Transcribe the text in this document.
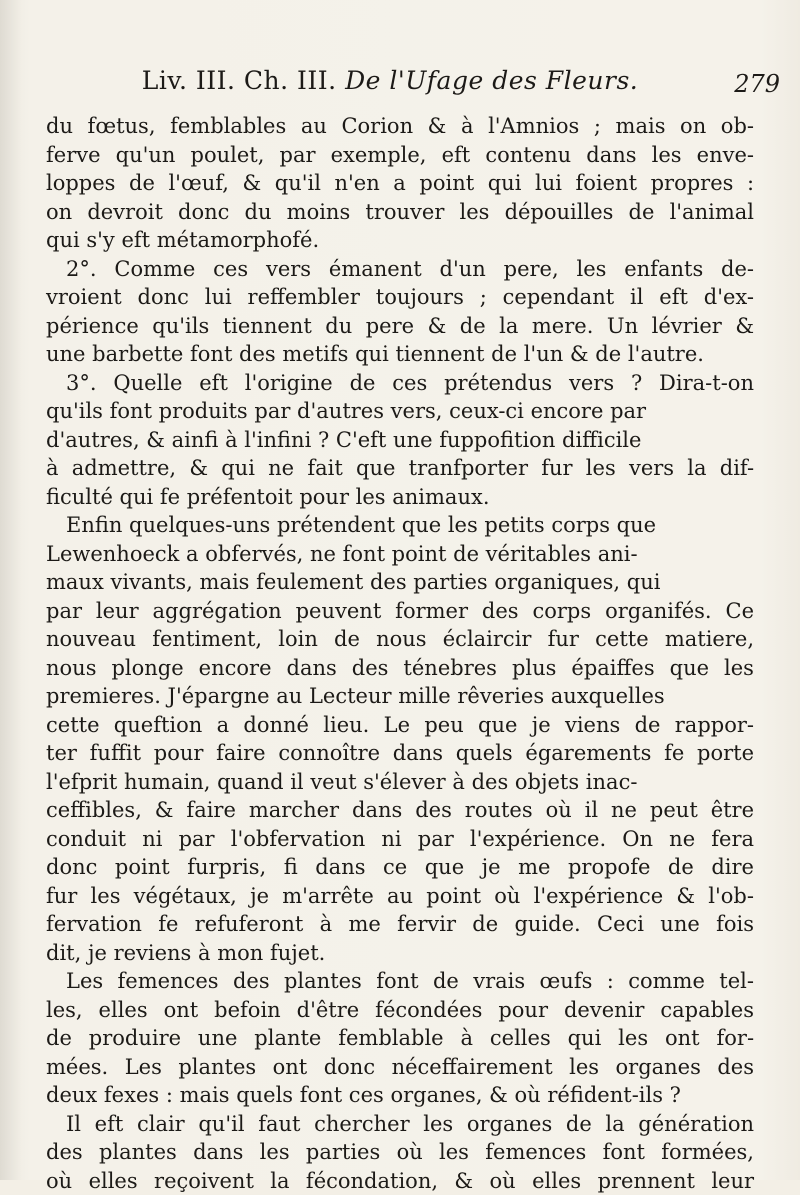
Liv. III. Ch. III. De l'Ufage des Fleurs.	279
du fœtus, femblables au Corion & à l'Amnios ; mais on ob-
ferve qu'un poulet, par exemple, eft contenu dans les enve-
loppes de l'œuf, & qu'il n'en a point qui lui foient propres :
on devroit donc du moins trouver les dépouilles de l'animal
qui s'y eft métamorphofé.
2°. Comme ces vers émanent d'un pere, les enfants de-
vroient donc lui reffembler toujours ; cependant il eft d'ex-
périence qu'ils tiennent du pere & de la mere. Un lévrier &
une barbette font des metifs qui tiennent de l'un & de l'autre.
3°. Quelle eft l'origine de ces prétendus vers ? Dira-t-on
qu'ils font produits par d'autres vers, ceux-ci encore par
d'autres, & ainfi à l'infini ? C'eft une fuppofition difficile
à admettre, & qui ne fait que tranfporter fur les vers la dif-
ficulté qui fe préfentoit pour les animaux.
Enfin quelques-uns prétendent que les petits corps que
Lewenhoeck a obfervés, ne font point de véritables ani-
maux vivants, mais feulement des parties organiques, qui
par leur aggrégation peuvent former des corps organifés. Ce
nouveau fentiment, loin de nous éclaircir fur cette matiere,
nous plonge encore dans des ténebres plus épaiffes que les
premieres. J'épargne au Lecteur mille rêveries auxquelles
cette queftion a donné lieu. Le peu que je viens de rappor-
ter fuffit pour faire connoître dans quels égarements fe porte
l'efprit humain, quand il veut s'élever à des objets inac-
ceffibles, & faire marcher dans des routes où il ne peut être
conduit ni par l'obfervation ni par l'expérience. On ne fera
donc point furpris, fi dans ce que je me propofe de dire
fur les végétaux, je m'arrête au point où l'expérience & l'ob-
fervation fe refuferont à me fervir de guide. Ceci une fois
dit, je reviens à mon fujet.
Les femences des plantes font de vrais œufs : comme tel-
les, elles ont befoin d'être fécondées pour devenir capables
de produire une plante femblable à celles qui les ont for-
mées. Les plantes ont donc néceffairement les organes des
deux fexes : mais quels font ces organes, & où réfident-ils ?
Il eft clair qu'il faut chercher les organes de la génération
des plantes dans les parties où les femences font formées,
où elles reçoivent la fécondation, & où elles prennent leur
